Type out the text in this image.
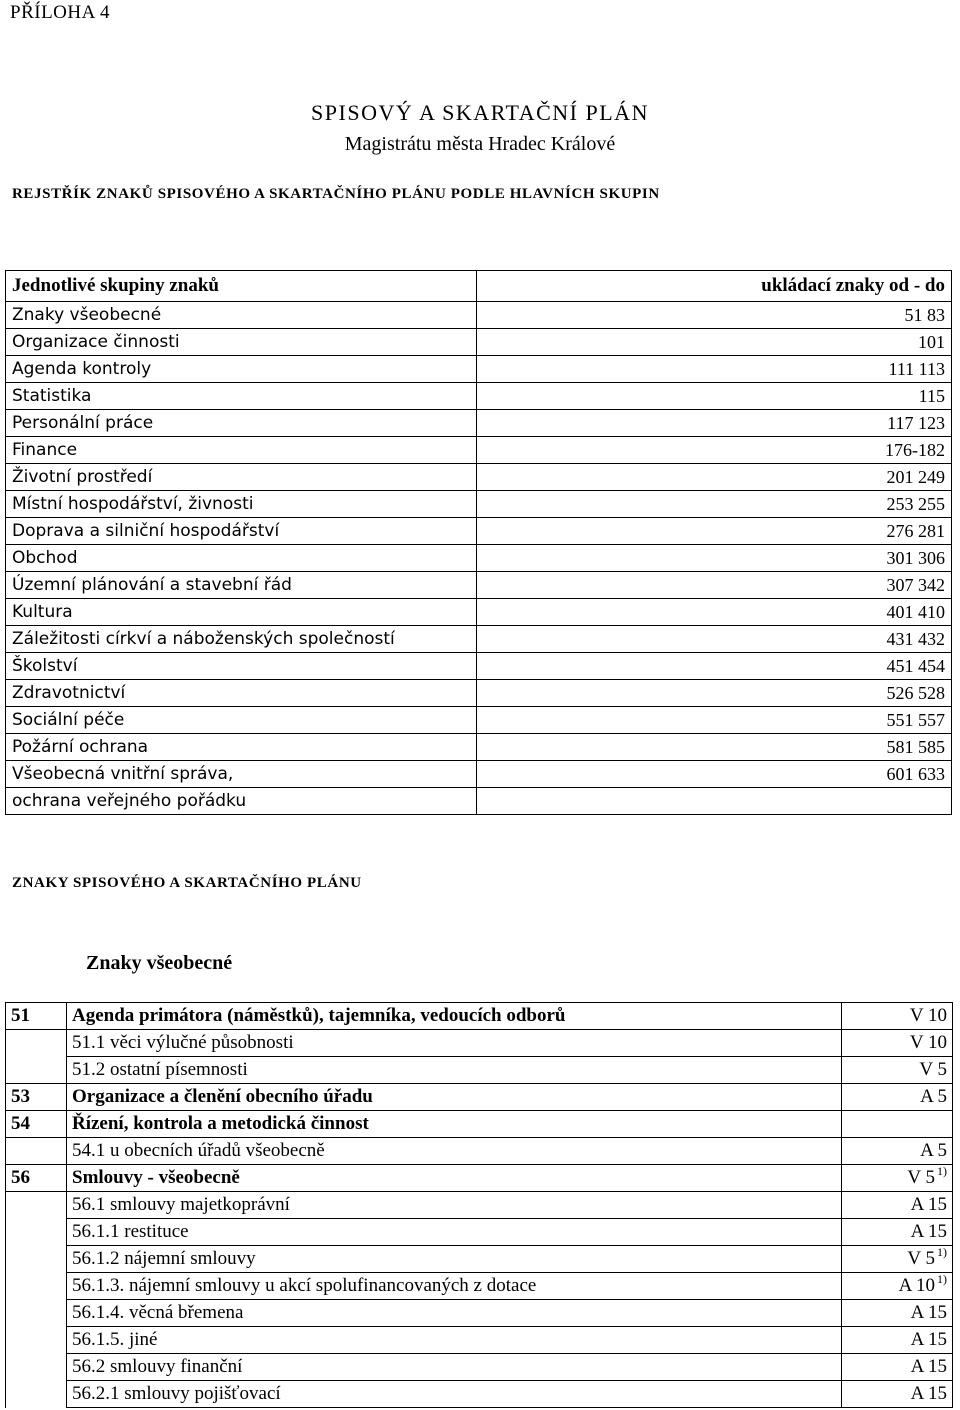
PŘÍLOHA 4
SPISOVÝ A SKARTAČNÍ PLÁN
Magistrátu města Hradec Králové
REJSTŘÍK ZNAKŮ SPISOVÉHO A SKARTAČNÍHO PLÁNU PODLE HLAVNÍCH SKUPIN
Jednotlivé skupiny znaků	ukládací znaky od - do
Znaky všeobecné	51 83
Organizace činnosti	101
Agenda kontroly	111 113
Statistika	115
Personální práce	117 123
Finance	176-182
Životní prostředí	201 249
Místní hospodářství, živnosti	253 255
Doprava a silniční hospodářství	276 281
Obchod	301 306
Územní plánování a stavební řád	307 342
Kultura	401 410
Záležitosti církví a náboženských společností	431 432
Školství	451 454
Zdravotnictví	526 528
Sociální péče	551 557
Požární ochrana	581 585
Všeobecná vnitřní správa,	601 633
ochrana veřejného pořádku	
ZNAKY SPISOVÉHO A SKARTAČNÍHO PLÁNU
Znaky všeobecné
51	Agenda primátora (náměstků), tajemníka, vedoucích odborů	V 10
	51.1 věci výlučné působnosti	V 10
	51.2 ostatní písemnosti	V 5
53	Organizace a členění obecního úřadu	A 5
54	Řízení, kontrola a metodická činnost	
	54.1 u obecních úřadů všeobecně	A 5
56	Smlouvy - všeobecně	V 5 $^{1)}$
	56.1 smlouvy majetkoprávní	A 15
	56.1.1 restituce	A 15
	56.1.2 nájemní smlouvy	V 5 $^{1)}$
	56.1.3. nájemní smlouvy u akcí spolufinancovaných z dotace	A 10 $^{1)}$
	56.1.4. věcná břemena	A 15
	56.1.5. jiné	A 15
	56.2 smlouvy finanční	A 15
	56.2.1 smlouvy pojišťovací	A 15
